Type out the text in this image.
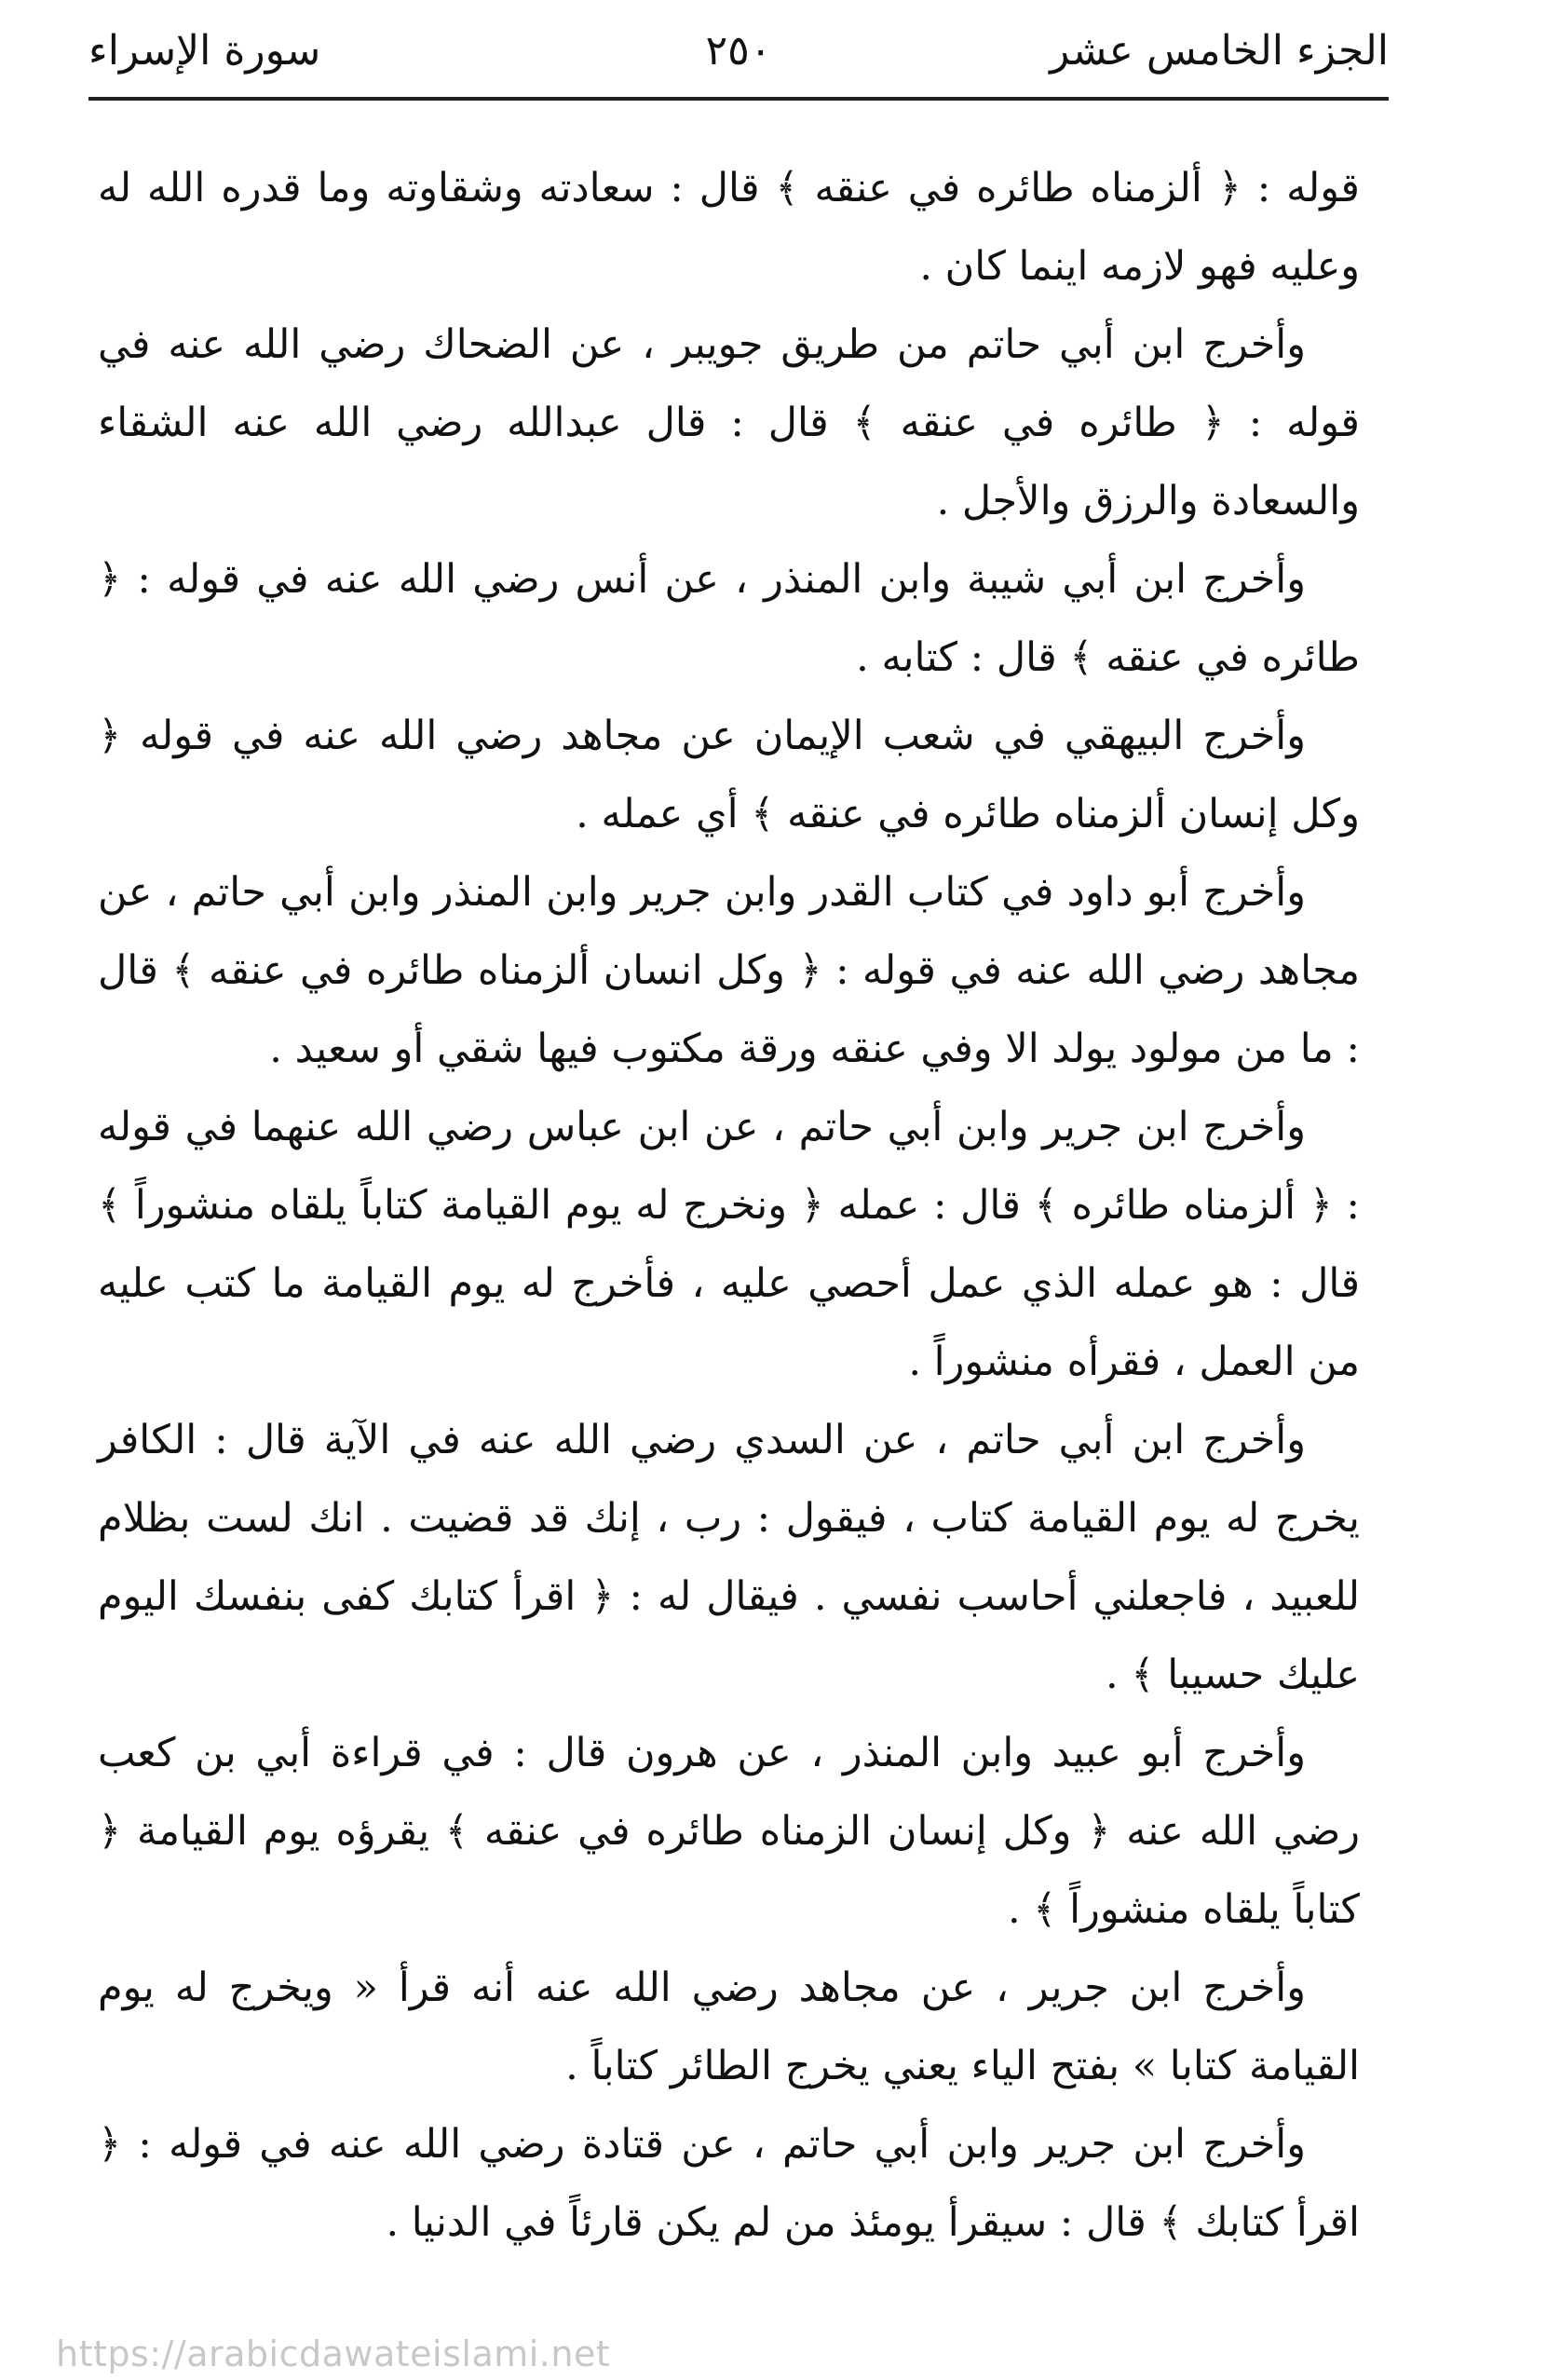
الجزء الخامس عشر
٢٥٠
سورة الإسراء

قوله : ﴿ ألزمناه طائره في عنقه ﴾ قال : سعادته وشقاوته وما قدره الله له وعليه فهو لازمه اينما كان .

وأخرج ابن أبي حاتم من طريق جويبر ، عن الضحاك رضي الله عنه في قوله : ﴿ طائره في عنقه ﴾ قال : قال عبدالله رضي الله عنه الشقاء والسعادة والرزق والأجل .

وأخرج ابن أبي شيبة وابن المنذر ، عن أنس رضي الله عنه في قوله : ﴿ طائره في عنقه ﴾ قال : كتابه .

وأخرج البيهقي في شعب الإيمان عن مجاهد رضي الله عنه في قوله ﴿ وكل إنسان ألزمناه طائره في عنقه ﴾ أي عمله .

وأخرج أبو داود في كتاب القدر وابن جرير وابن المنذر وابن أبي حاتم ، عن مجاهد رضي الله عنه في قوله : ﴿ وكل انسان ألزمناه طائره في عنقه ﴾ قال : ما من مولود يولد الا وفي عنقه ورقة مكتوب فيها شقي أو سعيد .

وأخرج ابن جرير وابن أبي حاتم ، عن ابن عباس رضي الله عنهما في قوله : ﴿ ألزمناه طائره ﴾ قال : عمله ﴿ ونخرج له يوم القيامة كتاباً يلقاه منشوراً ﴾ قال : هو عمله الذي عمل أحصي عليه ، فأخرج له يوم القيامة ما كتب عليه من العمل ، فقرأه منشوراً .

وأخرج ابن أبي حاتم ، عن السدي رضي الله عنه في الآية قال : الكافر يخرج له يوم القيامة كتاب ، فيقول : رب ، إنك قد قضيت . انك لست بظلام للعبيد ، فاجعلني أحاسب نفسي . فيقال له : ﴿ اقرأ كتابك كفى بنفسك اليوم عليك حسيبا ﴾ .

وأخرج أبو عبيد وابن المنذر ، عن هرون قال : في قراءة أبي بن كعب رضي الله عنه ﴿ وكل إنسان الزمناه طائره في عنقه ﴾ يقرؤه يوم القيامة ﴿ كتاباً يلقاه منشوراً ﴾ .

وأخرج ابن جرير ، عن مجاهد رضي الله عنه أنه قرأ « ويخرج له يوم القيامة كتابا » بفتح الياء يعني يخرج الطائر كتاباً .

وأخرج ابن جرير وابن أبي حاتم ، عن قتادة رضي الله عنه في قوله : ﴿ اقرأ كتابك ﴾ قال : سيقرأ يومئذ من لم يكن قارئاً في الدنيا .

https://arabicdawateislami.net
